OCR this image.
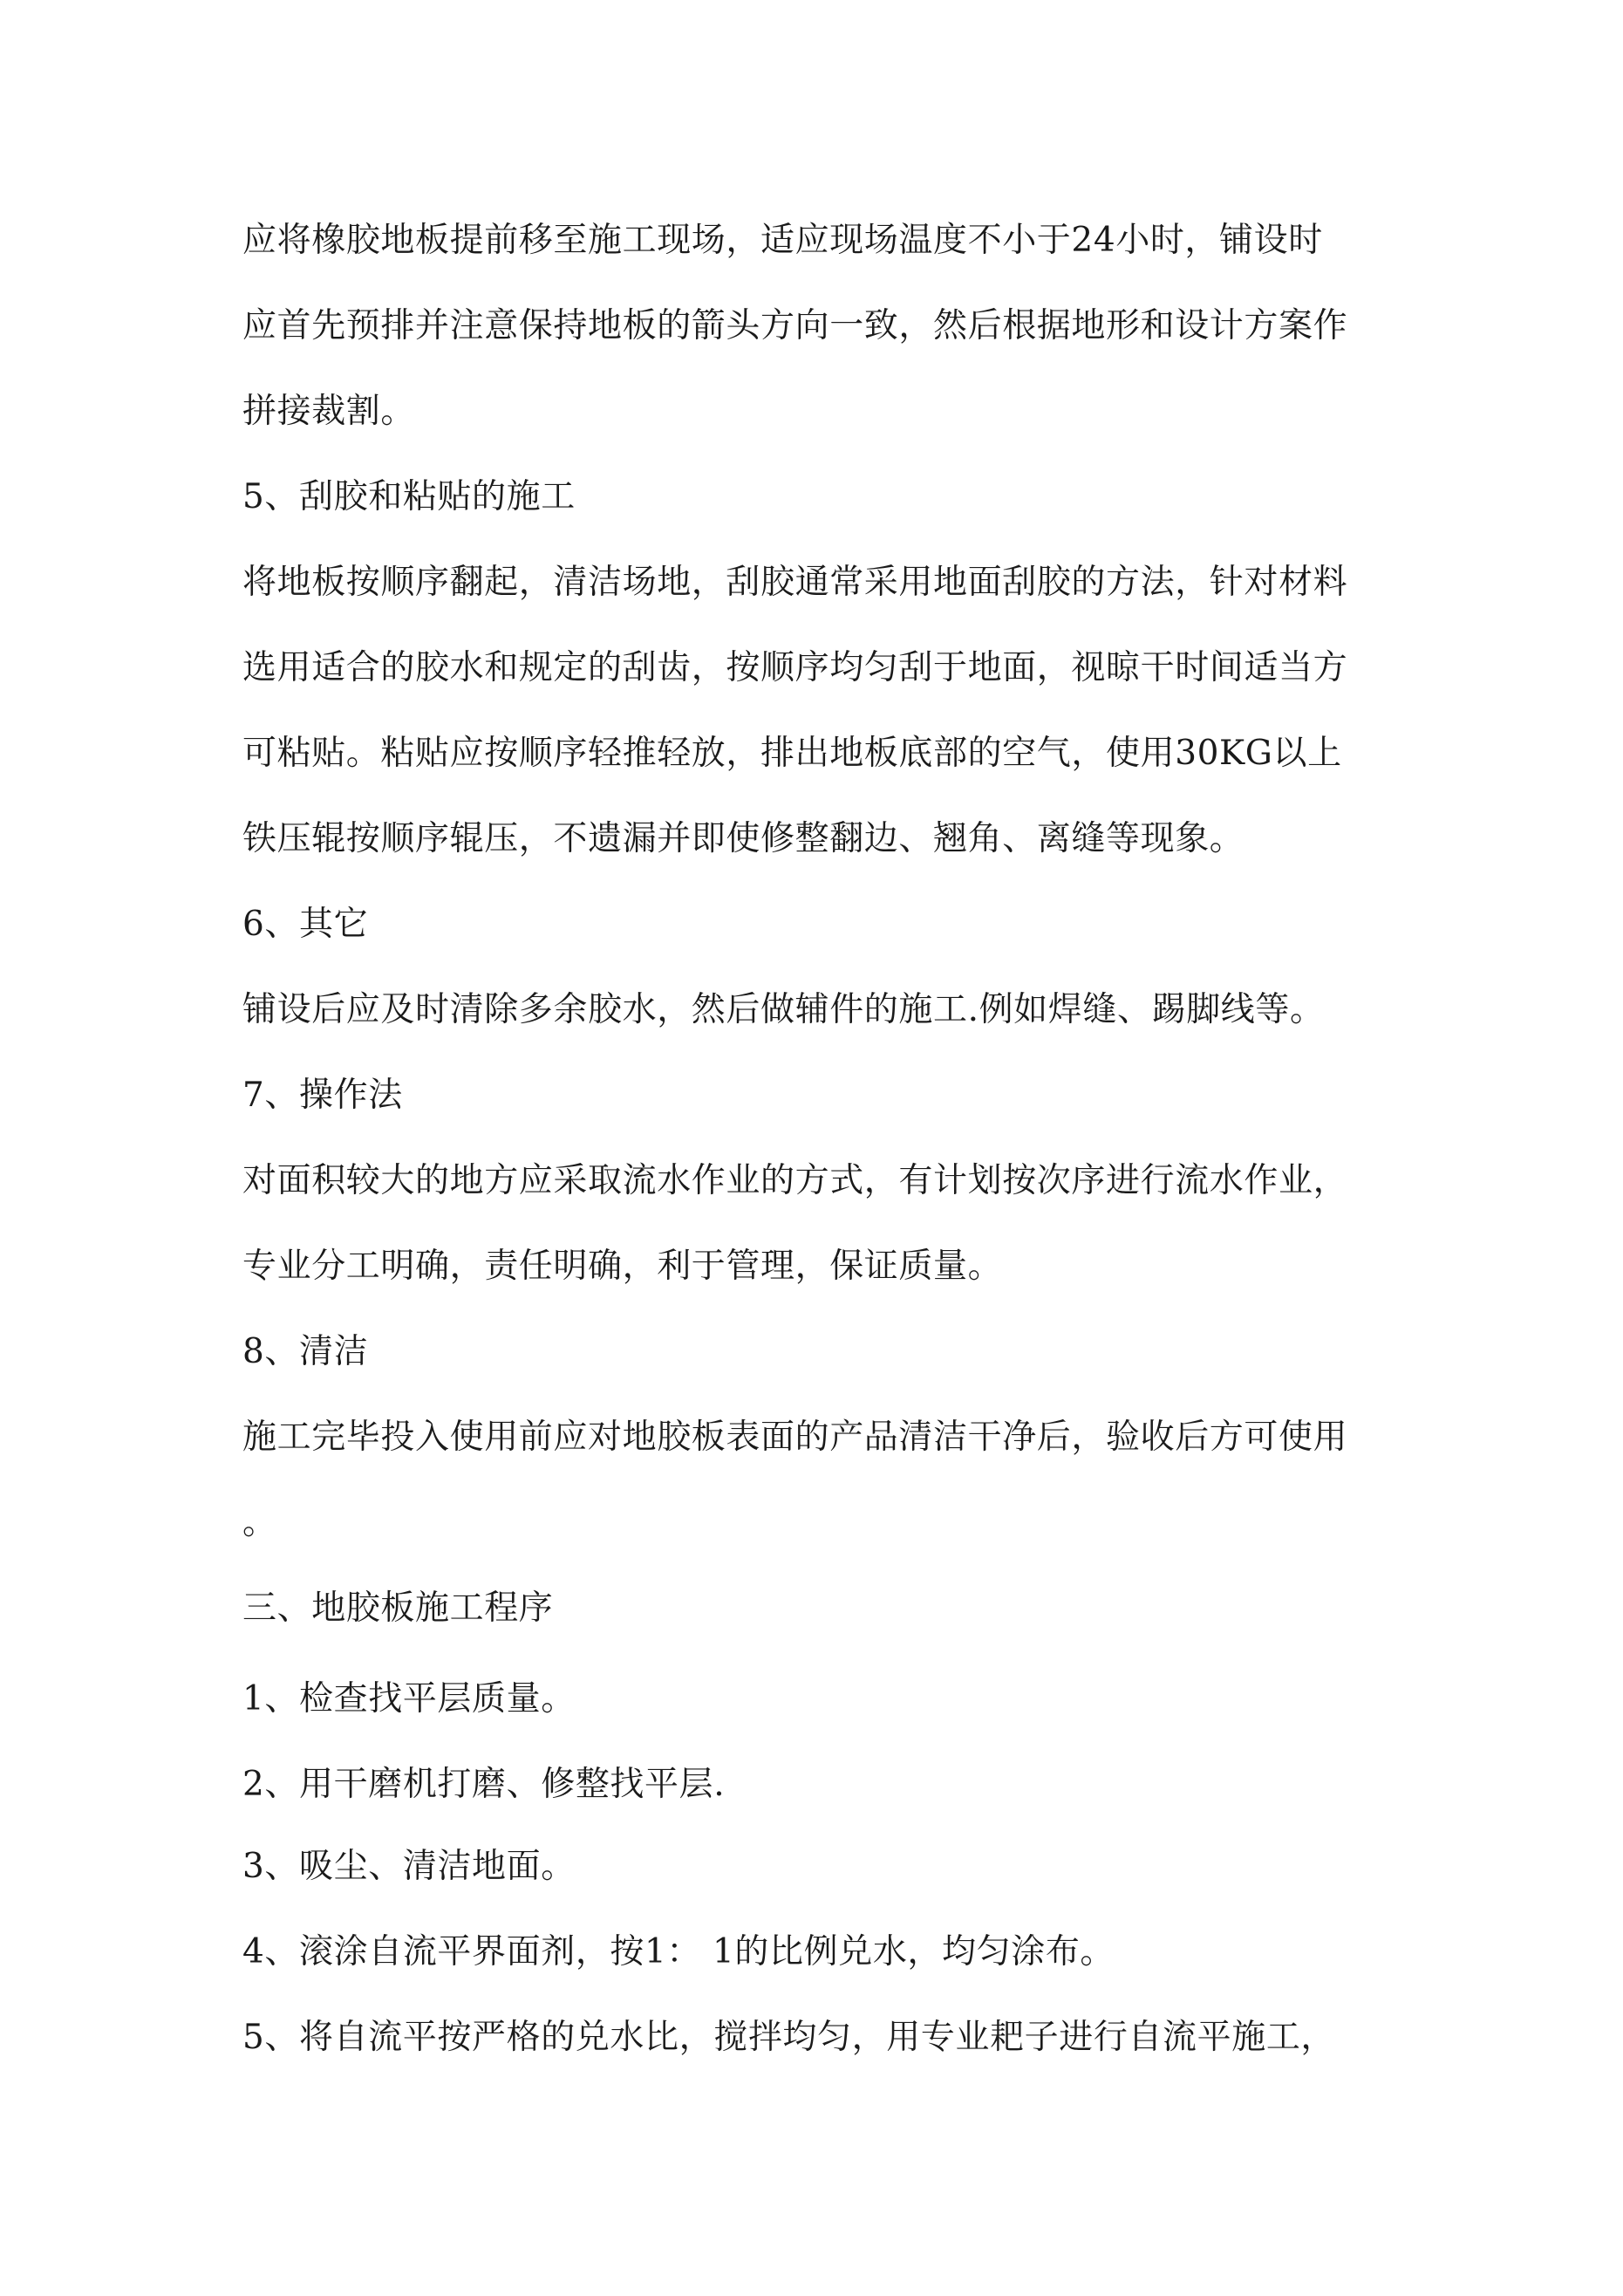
应将橡胶地板提前移至施工现场，适应现场温度不小于24小时，铺设时

应首先预排并注意保持地板的箭头方向一致，然后根据地形和设计方案作

拼接裁割。

5、刮胶和粘贴的施工

将地板按顺序翻起，清洁场地，刮胶通常采用地面刮胶的方法，针对材料

选用适合的胶水和规定的刮齿，按顺序均匀刮于地面，视晾干时间适当方

可粘贴。粘贴应按顺序轻推轻放，排出地板底部的空气，使用30KG以上

铁压辊按顺序辊压，不遗漏并即使修整翻边、翘角、离缝等现象。

6、其它

铺设后应及时清除多余胶水，然后做辅件的施工.例如焊缝、踢脚线等。

7、操作法

对面积较大的地方应采取流水作业的方式，有计划按次序进行流水作业，

专业分工明确，责任明确，利于管理，保证质量。

8、清洁

施工完毕投入使用前应对地胶板表面的产品清洁干净后，验收后方可使用

。

三、地胶板施工程序

1、检查找平层质量。

2、用干磨机打磨、修整找平层.

3、吸尘、清洁地面。

4、滚涂自流平界面剂，按1： 1的比例兑水，均匀涂布。

5、将自流平按严格的兑水比，搅拌均匀，用专业耙子进行自流平施工，
